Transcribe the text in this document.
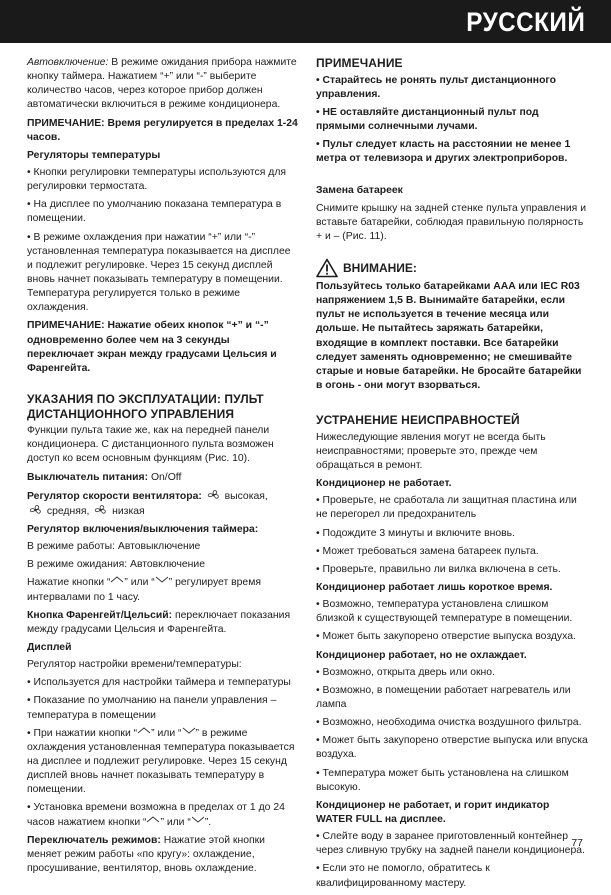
РУССКИЙ

Автовключение: В режиме ожидания прибора нажмите кнопку таймера. Нажатием “+” или “-” выберите количество часов, через которое прибор должен автоматически включиться в режиме кондиционера.

ПРИМЕЧАНИЕ: Время регулируется в пределах 1-24 часов.

Регуляторы температуры

• Кнопки регулировки температуры используются для регулировки термостата.

• На дисплее по умолчанию показана температура в помещении.

• В режиме охлаждения при нажатии “+” или “-” установленная температура показывается на дисплее и подлежит регулировке. Через 15 секунд дисплей вновь начнет показывать температуру в помещении. Температура регулируется только в режиме охлаждения.

ПРИМЕЧАНИЕ: Нажатие обеих кнопок “+” и “-” одновременно более чем на 3 секунды переключает экран между градусами Цельсия и Фаренгейта.

УКАЗАНИЯ ПО ЭКСПЛУАТАЦИИ: ПУЛЬТ ДИСТАНЦИОННОГО УПРАВЛЕНИЯ

Функции пульта такие же, как на передней панели кондиционера. С дистанционного пульта возможен доступ ко всем основным функциям (Рис. 10).

Выключатель питания: On/Off

Регулятор скорости вентилятора:
высокая,

средняя,
низкая

Регулятор включения/выключения таймера:

В режиме работы: Автовыключение

В режиме ожидания: Автовключение

Нажатие кнопки “ ” или “ ” регулирует время интервалами по 1 часу.

Кнопка Фаренгейт/Цельсий: переключает показания между градусами Цельсия и Фаренгейта.

Дисплей

Регулятор настройки времени/температуры:

• Используется для настройки таймера и температуры

• Показание по умолчанию на панели управления – температура в помещении

• При нажатии кнопки “ ” или “ ” в режиме охлаждения установленная температура показывается на дисплее и подлежит регулировке. Через 15 секунд дисплей вновь начнет показывать температуру в помещении.

• Установка времени возможна в пределах от 1 до 24 часов нажатием кнопки “ ” или “ ”.

Переключатель режимов: Нажатие этой кнопки меняет режим работы «по кругу»: охлаждение, просушивание, вентилятор, вновь охлаждение.

ПРИМЕЧАНИЕ

• Старайтесь не ронять пульт дистанционного управления.

• НЕ оставляйте дистанционный пульт под прямыми солнечными лучами.

• Пульт следует класть на расстоянии не менее 1 метра от телевизора и других электроприборов.

Замена батареек

Снимите крышку на задней стенке пульта управления и вставьте батарейки, соблюдая правильную полярность + и – (Рис. 11).

ВНИМАНИЕ:

Пользуйтесь только батарейками AAA или IEC R03 напряжением 1,5 В. Вынимайте батарейки, если пульт не используется в течение месяца или дольше. Не пытайтесь заряжать батарейки, входящие в комплект поставки. Все батарейки следует заменять одновременно; не смешивайте старые и новые батарейки. Не бросайте батарейки в огонь - они могут взорваться.

УСТРАНЕНИЕ НЕИСПРАВНОСТЕЙ

Нижеследующие явления могут не всегда быть неисправностями; проверьте это, прежде чем обращаться в ремонт.

Кондиционер не работает.

• Проверьте, не сработала ли защитная пластина или не перегорел ли предохранитель

• Подождите 3 минуты и включите вновь.

• Может требоваться замена батареек пульта.

• Проверьте, правильно ли вилка включена в сеть.

Кондиционер работает лишь короткое время.

• Возможно, температура установлена слишком близкой к существующей температуре в помещении.

• Может быть закупорено отверстие выпуска воздуха.

Кондиционер работает, но не охлаждает.

• Возможно, открыта дверь или окно.

• Возможно, в помещении работает нагреватель или лампа

• Возможно, необходима очистка воздушного фильтра.

• Может быть закупорено отверстие выпуска или впуска воздуха.

• Температура может быть установлена на слишком высокую.

Кондиционер не работает, и горит индикатор WATER FULL на дисплее.

• Слейте воду в заранее приготовленный контейнер через сливную трубку на задней панели кондиционера.

• Если это не помогло, обратитесь к квалифицированному мастеру.

77
